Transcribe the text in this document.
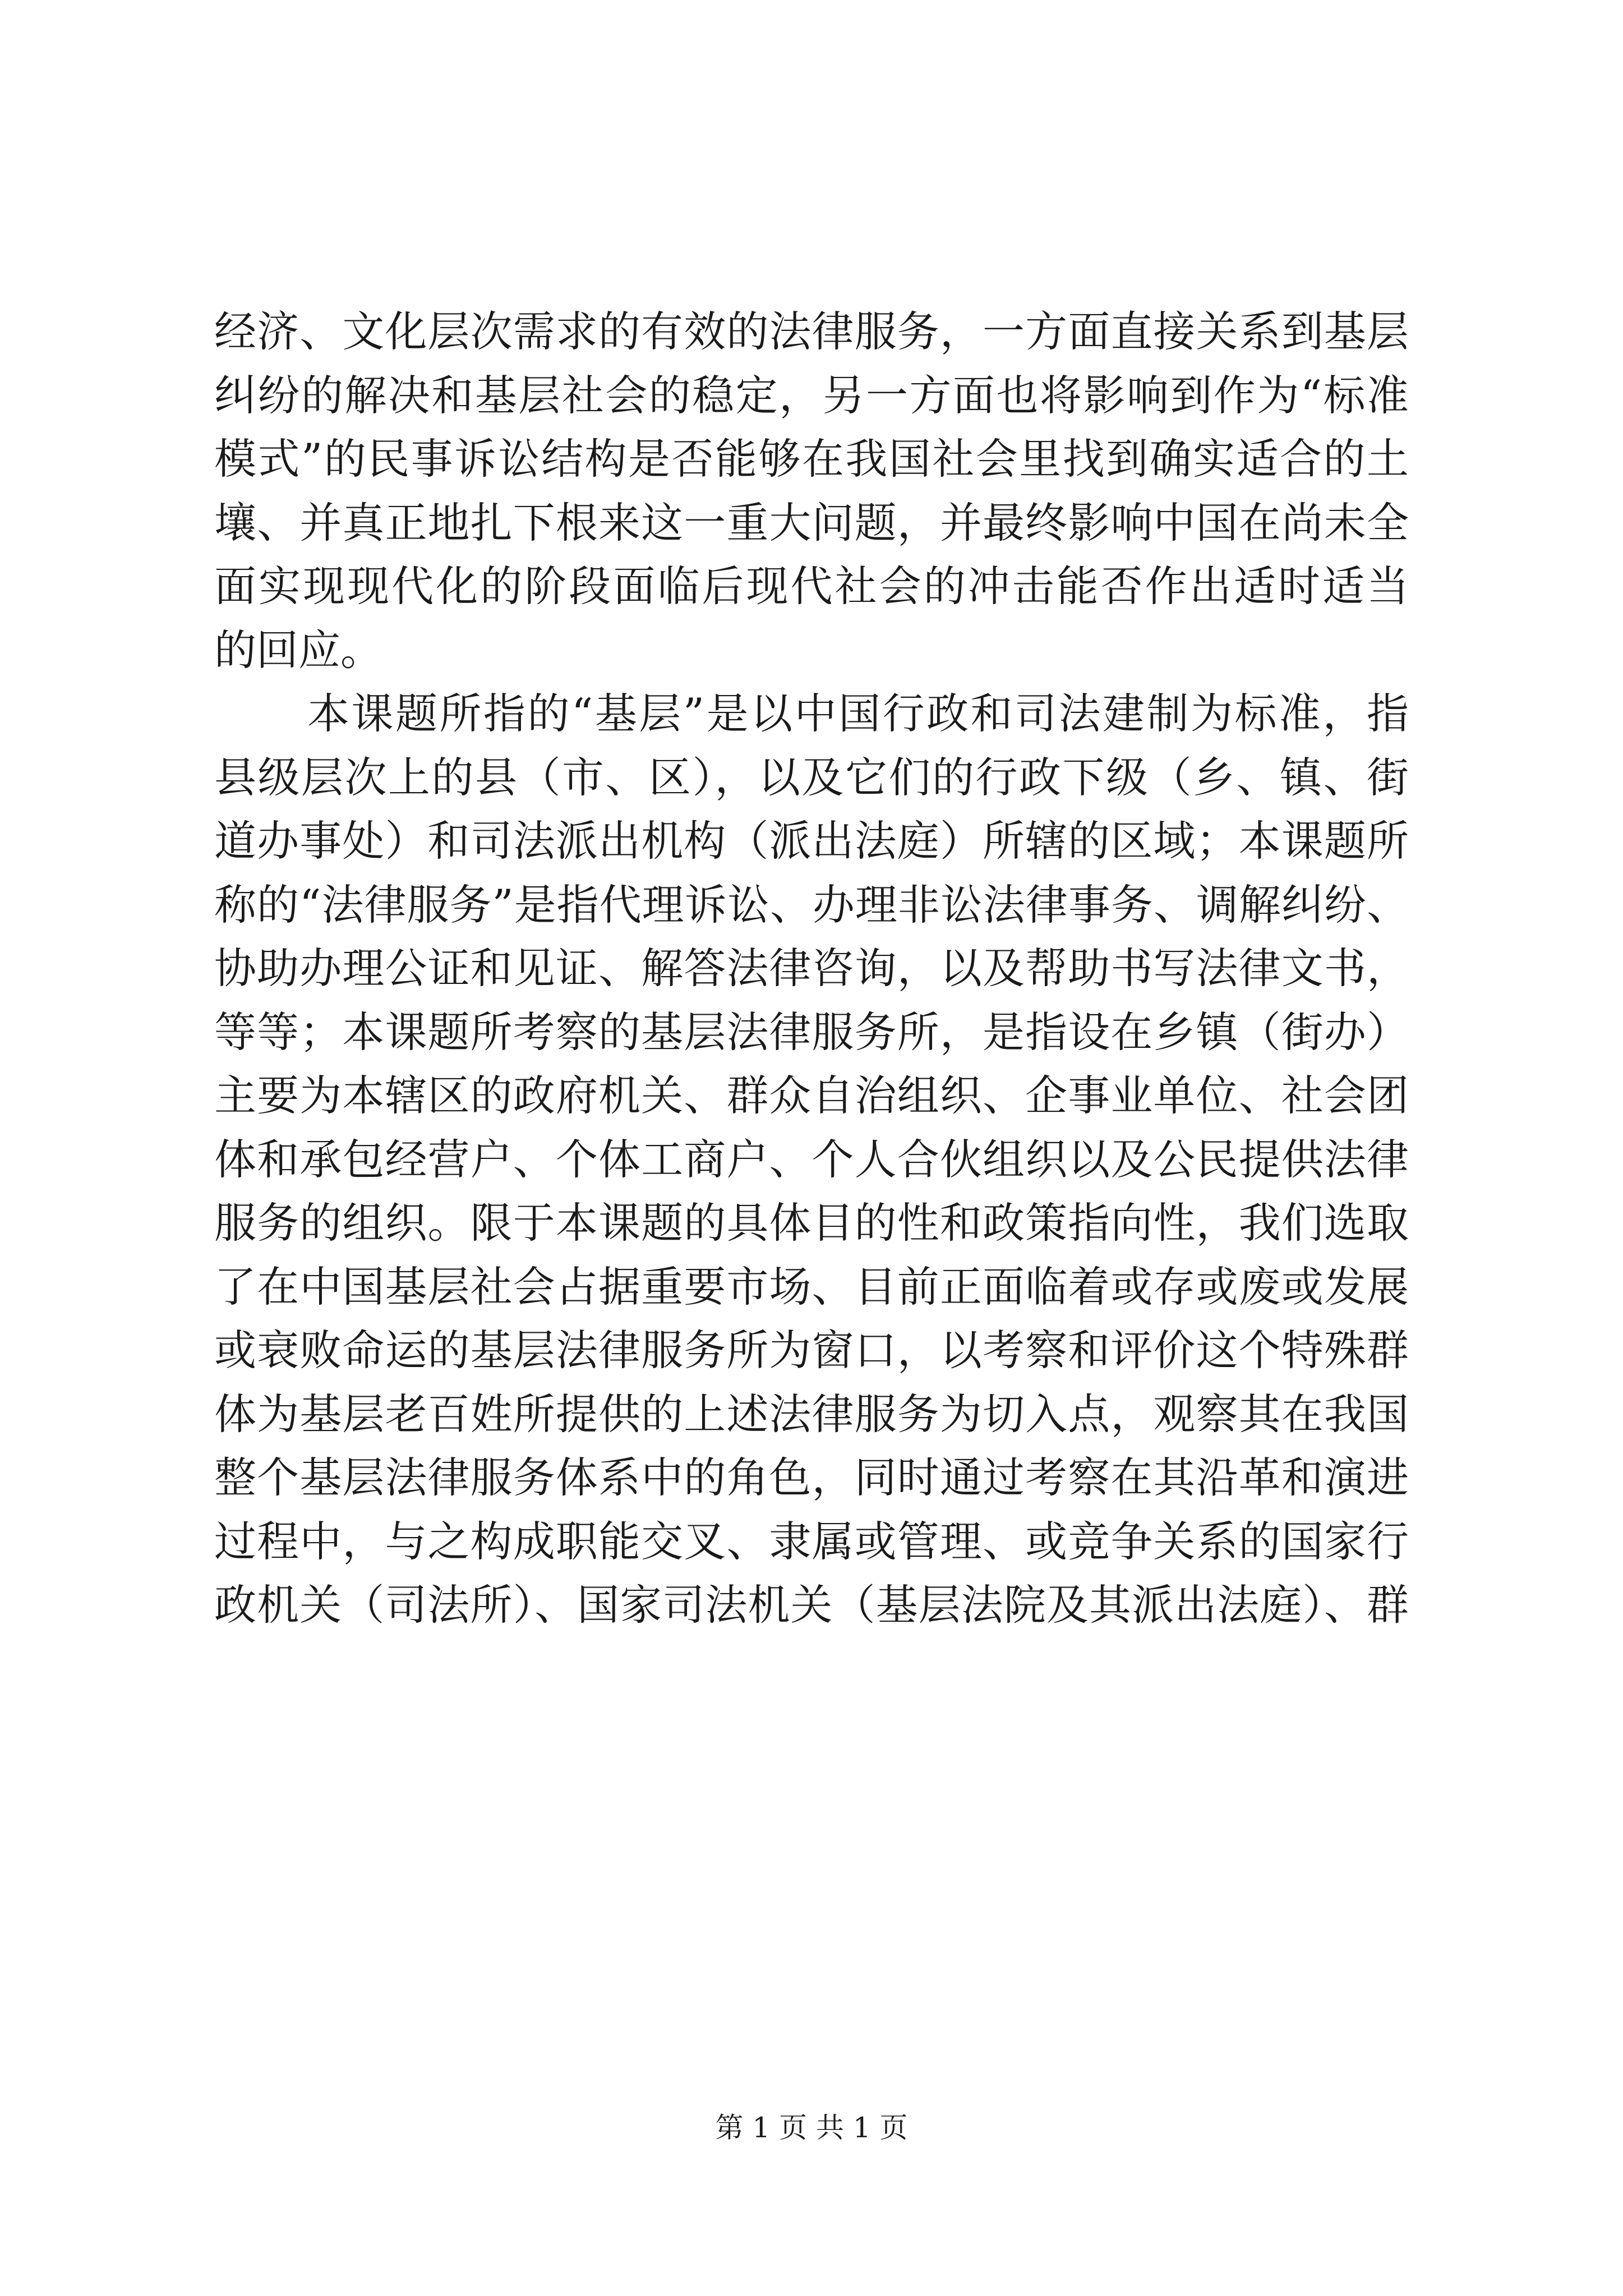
经济、文化层次需求的有效的法律服务，一方面直接关系到基层
纠纷的解决和基层社会的稳定，另一方面也将影响到作为“标准
模式”的民事诉讼结构是否能够在我国社会里找到确实适合的土
壤、并真正地扎下根来这一重大问题，并最终影响中国在尚未全
面实现现代化的阶段面临后现代社会的冲击能否作出适时适当
的回应。
本课题所指的“基层”是以中国行政和司法建制为标准，指
县级层次上的县（市、区），以及它们的行政下级（乡、镇、街
道办事处）和司法派出机构（派出法庭）所辖的区域；本课题所
称的“法律服务”是指代理诉讼、办理非讼法律事务、调解纠纷、
协助办理公证和见证、解答法律咨询，以及帮助书写法律文书，
等等；本课题所考察的基层法律服务所，是指设在乡镇（街办）
主要为本辖区的政府机关、群众自治组织、企事业单位、社会团
体和承包经营户、个体工商户、个人合伙组织以及公民提供法律
服务的组织。限于本课题的具体目的性和政策指向性，我们选取
了在中国基层社会占据重要市场、目前正面临着或存或废或发展
或衰败命运的基层法律服务所为窗口，以考察和评价这个特殊群
体为基层老百姓所提供的上述法律服务为切入点，观察其在我国
整个基层法律服务体系中的角色，同时通过考察在其沿革和演进
过程中，与之构成职能交叉、隶属或管理、或竞争关系的国家行
政机关（司法所）、国家司法机关（基层法院及其派出法庭）、群
第 1 页 共 1 页
